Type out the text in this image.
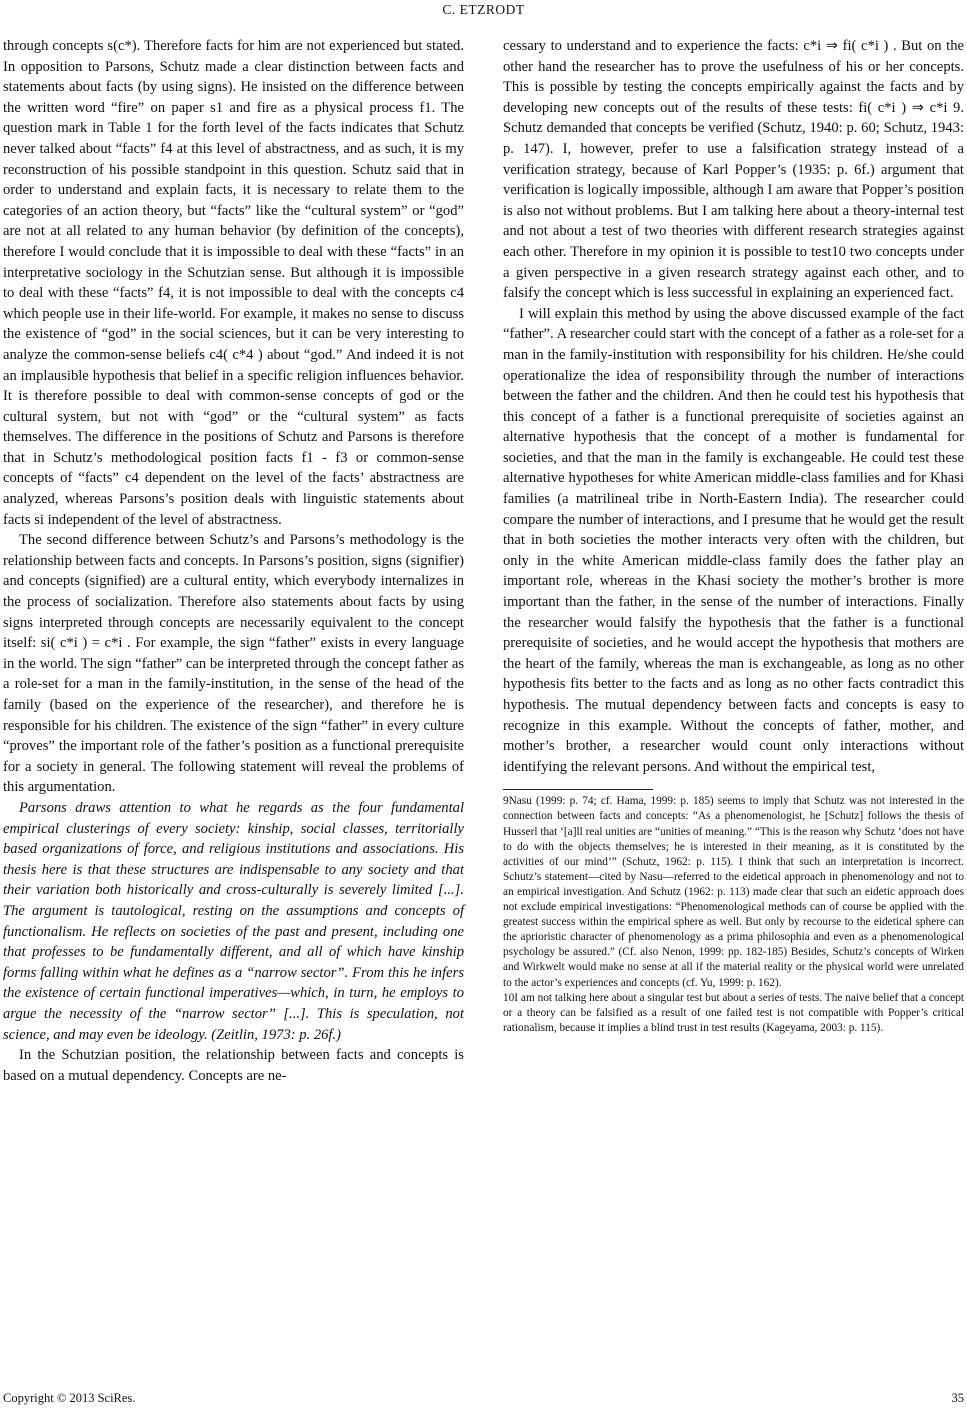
C. ETZRODT

through concepts s(c*). Therefore facts for him are not experienced but stated. In opposition to Parsons, Schutz made a clear distinction between facts and statements about facts (by using signs). He insisted on the difference between the written word “fire” on paper s1 and fire as a physical process f1. The question mark in Table 1 for the forth level of the facts indicates that Schutz never talked about “facts” f4 at this level of abstractness, and as such, it is my reconstruction of his possible standpoint in this question. Schutz said that in order to understand and explain facts, it is necessary to relate them to the categories of an action theory, but “facts” like the “cultural system” or “god” are not at all related to any human behavior (by definition of the concepts), therefore I would conclude that it is impossible to deal with these “facts” in an interpretative sociology in the Schutzian sense. But although it is impossible to deal with these “facts” f4, it is not impossible to deal with the concepts c4 which people use in their life-world. For example, it makes no sense to discuss the existence of “god” in the social sciences, but it can be very interesting to analyze the common-sense beliefs c4( c*4 ) about “god.” And indeed it is not an implausible hypothesis that belief in a specific religion influences behavior. It is therefore possible to deal with common-sense concepts of god or the cultural system, but not with “god” or the “cultural system” as facts themselves. The difference in the positions of Schutz and Parsons is therefore that in Schutz’s methodological position facts f1 - f3 or common-sense concepts of “facts” c4 dependent on the level of the facts’ abstractness are analyzed, whereas Parsons’s position deals with linguistic statements about facts si independent of the level of abstractness.

The second difference between Schutz’s and Parsons’s methodology is the relationship between facts and concepts. In Parsons’s position, signs (signifier) and concepts (signified) are a cultural entity, which everybody internalizes in the process of socialization. Therefore also statements about facts by using signs interpreted through concepts are necessarily equivalent to the concept itself: si( c*i ) = c*i . For example, the sign “father” exists in every language in the world. The sign “father” can be interpreted through the concept father as a role-set for a man in the family-institution, in the sense of the head of the family (based on the experience of the researcher), and therefore he is responsible for his children. The existence of the sign “father” in every culture “proves” the important role of the father’s position as a functional prerequisite for a society in general. The following statement will reveal the problems of this argumentation.

Parsons draws attention to what he regards as the four fundamental empirical clusterings of every society: kinship, social classes, territorially based organizations of force, and religious institutions and associations. His thesis here is that these structures are indispensable to any society and that their variation both historically and cross-culturally is severely limited [...]. The argument is tautological, resting on the assumptions and concepts of functionalism. He reflects on societies of the past and present, including one that professes to be fundamentally different, and all of which have kinship forms falling within what he defines as a “narrow sector”. From this he infers the existence of certain functional imperatives—which, in turn, he employs to argue the necessity of the “narrow sector” [...]. This is speculation, not science, and may even be ideology. (Zeitlin, 1973: p. 26f.)

In the Schutzian position, the relationship between facts and concepts is based on a mutual dependency. Concepts are ne-

cessary to understand and to experience the facts: c*i ⇒ fi( c*i ) . But on the other hand the researcher has to prove the usefulness of his or her concepts. This is possible by testing the concepts empirically against the facts and by developing new concepts out of the results of these tests: fi( c*i ) ⇒ c*i 9. Schutz demanded that concepts be verified (Schutz, 1940: p. 60; Schutz, 1943: p. 147). I, however, prefer to use a falsification strategy instead of a verification strategy, because of Karl Popper’s (1935: p. 6f.) argument that verification is logically impossible, although I am aware that Popper’s position is also not without problems. But I am talking here about a theory-internal test and not about a test of two theories with different research strategies against each other. Therefore in my opinion it is possible to test10 two concepts under a given perspective in a given research strategy against each other, and to falsify the concept which is less successful in explaining an experienced fact.

I will explain this method by using the above discussed example of the fact “father”. A researcher could start with the concept of a father as a role-set for a man in the family-institution with responsibility for his children. He/she could operationalize the idea of responsibility through the number of interactions between the father and the children. And then he could test his hypothesis that this concept of a father is a functional prerequisite of societies against an alternative hypothesis that the concept of a mother is fundamental for societies, and that the man in the family is exchangeable. He could test these alternative hypotheses for white American middle-class families and for Khasi families (a matrilineal tribe in North-Eastern India). The researcher could compare the number of interactions, and I presume that he would get the result that in both societies the mother interacts very often with the children, but only in the white American middle-class family does the father play an important role, whereas in the Khasi society the mother’s brother is more important than the father, in the sense of the number of interactions. Finally the researcher would falsify the hypothesis that the father is a functional prerequisite of societies, and he would accept the hypothesis that mothers are the heart of the family, whereas the man is exchangeable, as long as no other hypothesis fits better to the facts and as long as no other facts contradict this hypothesis. The mutual dependency between facts and concepts is easy to recognize in this example. Without the concepts of father, mother, and mother’s brother, a researcher would count only interactions without identifying the relevant persons. And without the empirical test,

9Nasu (1999: p. 74; cf. Hama, 1999: p. 185) seems to imply that Schutz was not interested in the connection between facts and concepts: “As a phenomenologist, he [Schutz] follows the thesis of Husserl that ‘[a]ll real unities are “unities of meaning.” “This is the reason why Schutz ‘does not have to do with the objects themselves; he is interested in their meaning, as it is constituted by the activities of our mind’” (Schutz, 1962: p. 115). I think that such an interpretation is incorrect. Schutz’s statement—cited by Nasu—referred to the eidetical approach in phenomenology and not to an empirical investigation. And Schutz (1962: p. 113) made clear that such an eidetic approach does not exclude empirical investigations: “Phenomenological methods can of course be applied with the greatest success within the empirical sphere as well. But only by recourse to the eidetical sphere can the aprioristic character of phenomenology as a prima philosophia and even as a phenomenological psychology be assured.” (Cf. also Nenon, 1999: pp. 182-185) Besides, Schutz’s concepts of Wirken and Wirkwelt would make no sense at all if the material reality or the physical world were unrelated to the actor’s experiences and concepts (cf. Yu, 1999: p. 162).

10I am not talking here about a singular test but about a series of tests. The naive belief that a concept or a theory can be falsified as a result of one failed test is not compatible with Popper’s critical rationalism, because it implies a blind trust in test results (Kageyama, 2003: p. 115).

Copyright © 2013 SciRes.	35
